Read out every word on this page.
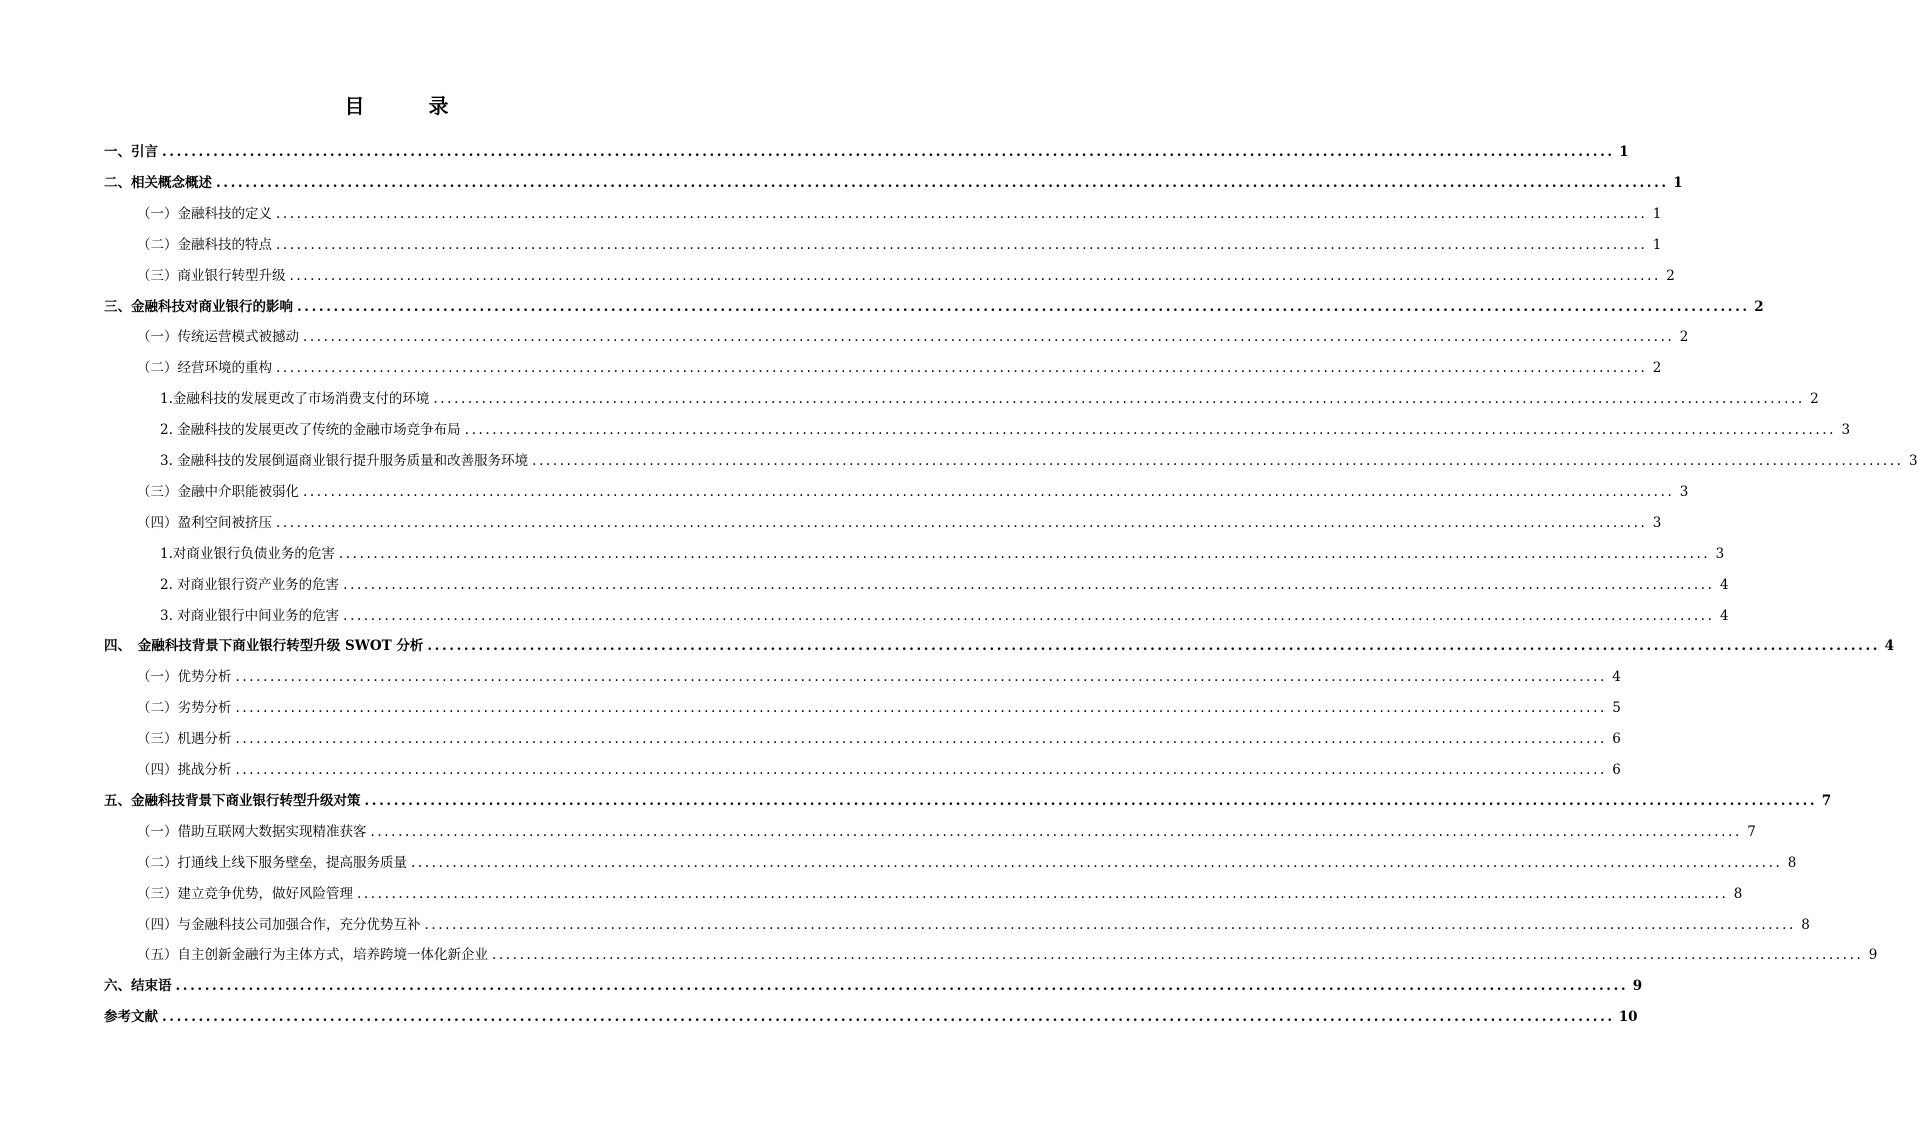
目　录
一、引言 ....................................................................................................................................................................................................... 1
二、相关概念概述 ....................................................................................................................................................................................................... 1
（一）金融科技的定义 ....................................................................................................................................................................................................... 1
（二）金融科技的特点 ....................................................................................................................................................................................................... 1
（三）商业银行转型升级 ....................................................................................................................................................................................................... 2
三、金融科技对商业银行的影响 ....................................................................................................................................................................................................... 2
（一）传统运营模式被撼动 ....................................................................................................................................................................................................... 2
（二）经营环境的重构 ....................................................................................................................................................................................................... 2
1.金融科技的发展更改了市场消费支付的环境 ....................................................................................................................................................................................................... 2
2. 金融科技的发展更改了传统的金融市场竞争布局 ....................................................................................................................................................................................................... 3
3. 金融科技的发展倒逼商业银行提升服务质量和改善服务环境 ....................................................................................................................................................................................................... 3
（三）金融中介职能被弱化 ....................................................................................................................................................................................................... 3
（四）盈利空间被挤压 ....................................................................................................................................................................................................... 3
1.对商业银行负债业务的危害 ....................................................................................................................................................................................................... 3
2. 对商业银行资产业务的危害 ....................................................................................................................................................................................................... 4
3. 对商业银行中间业务的危害 ....................................................................................................................................................................................................... 4
四、　金融科技背景下商业银行转型升级 SWOT 分析 ....................................................................................................................................................................................................... 4
（一）优势分析 ....................................................................................................................................................................................................... 4
（二）劣势分析 ....................................................................................................................................................................................................... 5
（三）机遇分析 ....................................................................................................................................................................................................... 6
（四）挑战分析 ....................................................................................................................................................................................................... 6
五、金融科技背景下商业银行转型升级对策 ....................................................................................................................................................................................................... 7
（一）借助互联网大数据实现精准获客 ....................................................................................................................................................................................................... 7
（二）打通线上线下服务壁垒，提高服务质量 ....................................................................................................................................................................................................... 8
（三）建立竞争优势，做好风险管理 ....................................................................................................................................................................................................... 8
（四）与金融科技公司加强合作，充分优势互补 ....................................................................................................................................................................................................... 8
（五）自主创新金融行为主体方式，培养跨境一体化新企业 ....................................................................................................................................................................................................... 9
六、结束语 ....................................................................................................................................................................................................... 9
参考文献 ....................................................................................................................................................................................................... 10
